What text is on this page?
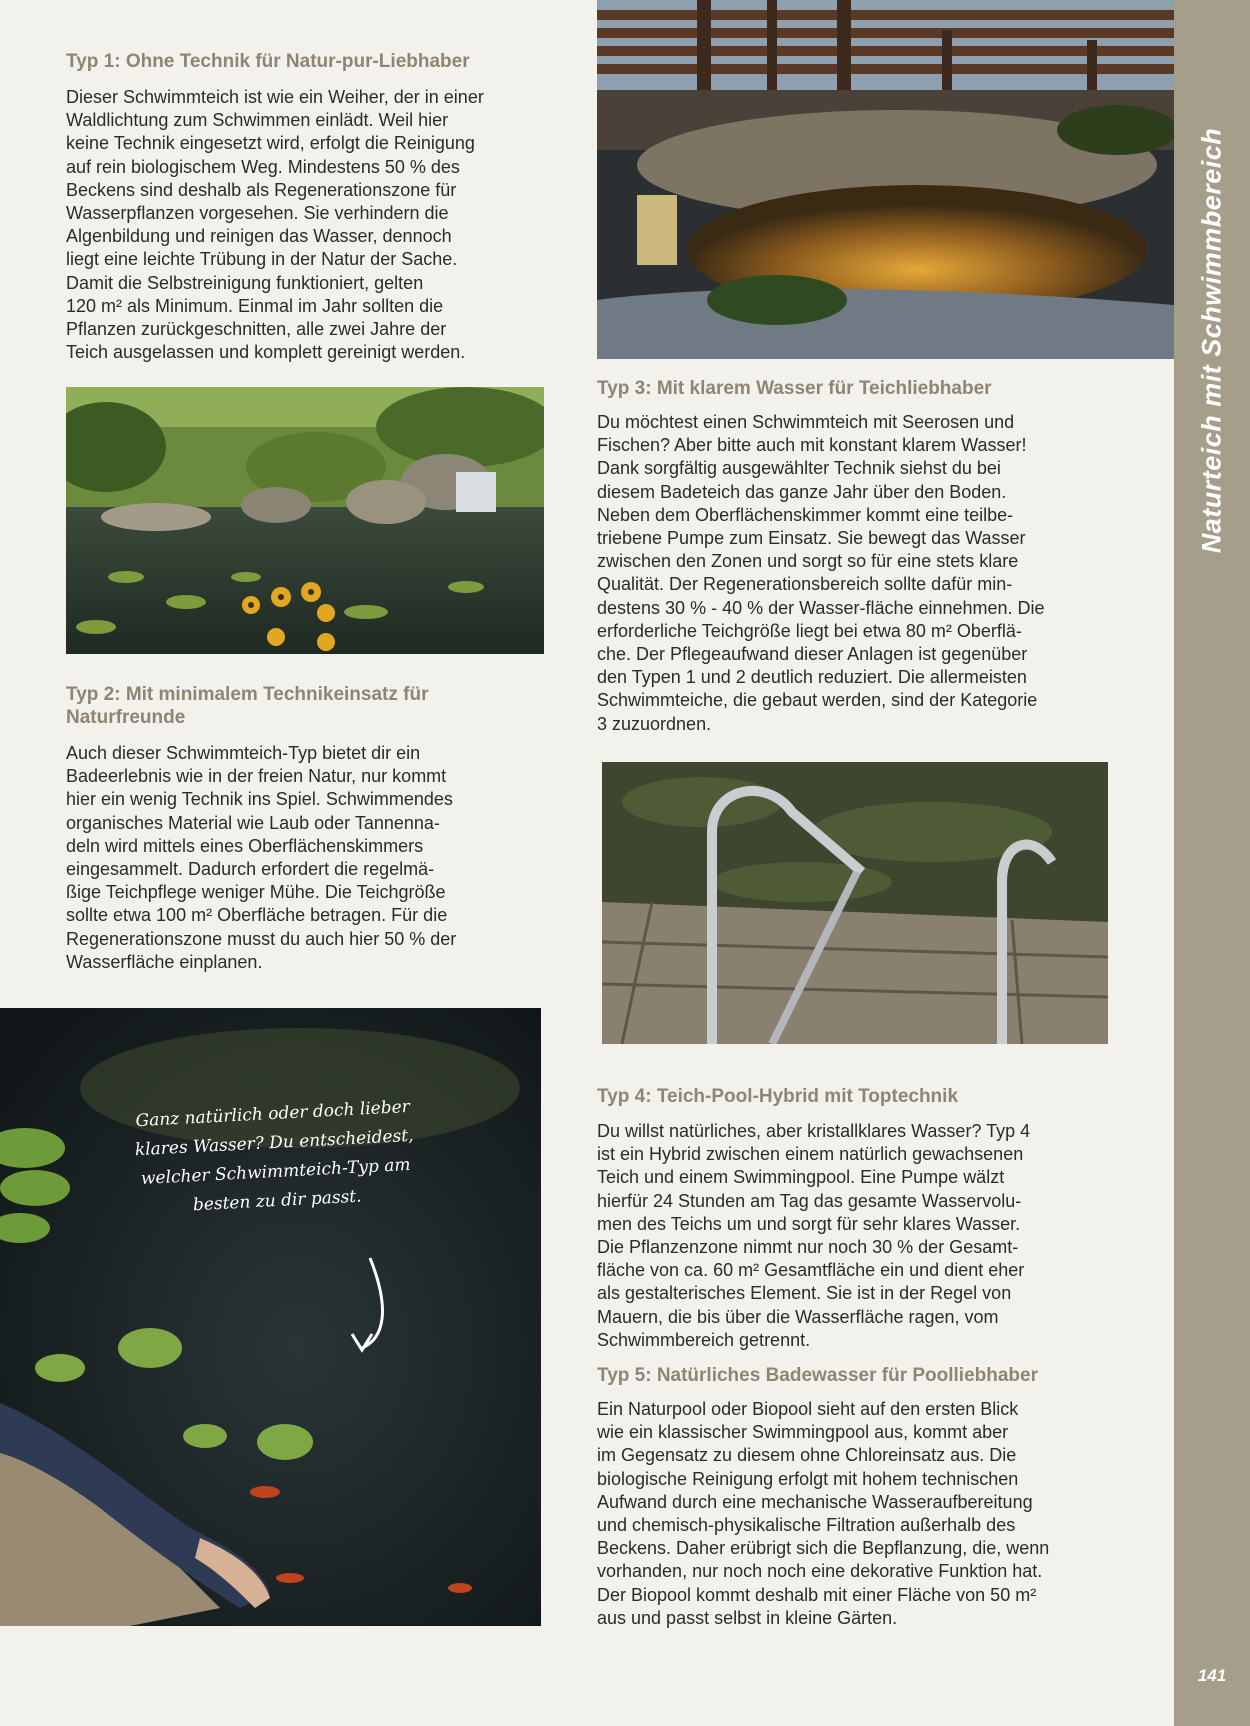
Naturteich mit Schwimmbereich
141
Typ 1: Ohne Technik für Natur-pur-Liebhaber
Dieser Schwimmteich ist wie ein Weiher, der in einer
Waldlichtung zum Schwimmen einlädt. Weil hier
keine Technik eingesetzt wird, erfolgt die Reinigung
auf rein biologischem Weg. Mindestens 50 % des
Beckens sind deshalb als Regenerationszone für
Wasserpflanzen vorgesehen. Sie verhindern die
Algenbildung und reinigen das Wasser, dennoch
liegt eine leichte Trübung in der Natur der Sache.
Damit die Selbstreinigung funktioniert, gelten
120 m² als Minimum. Einmal im Jahr sollten die
Pflanzen zurückgeschnitten, alle zwei Jahre der
Teich ausgelassen und komplett gereinigt werden.
Typ 2: Mit minimalem Technikeinsatz für
Naturfreunde
Auch dieser Schwimmteich-Typ bietet dir ein
Badeerlebnis wie in der freien Natur, nur kommt
hier ein wenig Technik ins Spiel. Schwimmendes
organisches Material wie Laub oder Tannenna-
deln wird mittels eines Oberflächenskimmers
eingesammelt. Dadurch erfordert die regelmä-
ßige Teichpflege weniger Mühe. Die Teichgröße
sollte etwa 100 m² Oberfläche betragen. Für die
Regenerationszone musst du auch hier 50 % der
Wasserfläche einplanen.
Ganz natürlich oder doch lieber
klares Wasser? Du entscheidest,
welcher Schwimmteich-Typ am
besten zu dir passt.
Typ 3: Mit klarem Wasser für Teichliebhaber
Du möchtest einen Schwimmteich mit Seerosen und
Fischen? Aber bitte auch mit konstant klarem Wasser!
Dank sorgfältig ausgewählter Technik siehst du bei
diesem Badeteich das ganze Jahr über den Boden.
Neben dem Oberflächenskimmer kommt eine teilbe-
triebene Pumpe zum Einsatz. Sie bewegt das Wasser
zwischen den Zonen und sorgt so für eine stets klare
Qualität. Der Regenerationsbereich sollte dafür min-
destens 30 % - 40 % der Wasser-fläche einnehmen. Die
erforderliche Teichgröße liegt bei etwa 80 m² Oberflä-
che. Der Pflegeaufwand dieser Anlagen ist gegenüber
den Typen 1 und 2 deutlich reduziert. Die allermeisten
Schwimmteiche, die gebaut werden, sind der Kategorie
3 zuzuordnen.
Typ 4: Teich-Pool-Hybrid mit Toptechnik
Du willst natürliches, aber kristallklares Wasser? Typ 4
ist ein Hybrid zwischen einem natürlich gewachsenen
Teich und einem Swimmingpool. Eine Pumpe wälzt
hierfür 24 Stunden am Tag das gesamte Wasservolu-
men des Teichs um und sorgt für sehr klares Wasser.
Die Pflanzenzone nimmt nur noch 30 % der Gesamt-
fläche von ca. 60 m² Gesamtfläche ein und dient eher
als gestalterisches Element. Sie ist in der Regel von
Mauern, die bis über die Wasserfläche ragen, vom
Schwimmbereich getrennt.
Typ 5: Natürliches Badewasser für Poolliebhaber
Ein Naturpool oder Biopool sieht auf den ersten Blick
wie ein klassischer Swimmingpool aus, kommt aber
im Gegensatz zu diesem ohne Chloreinsatz aus. Die
biologische Reinigung erfolgt mit hohem technischen
Aufwand durch eine mechanische Wasseraufbereitung
und chemisch-physikalische Filtration außerhalb des
Beckens. Daher erübrigt sich die Bepflanzung, die, wenn
vorhanden, nur noch noch eine dekorative Funktion hat.
Der Biopool kommt deshalb mit einer Fläche von 50 m²
aus und passt selbst in kleine Gärten.
